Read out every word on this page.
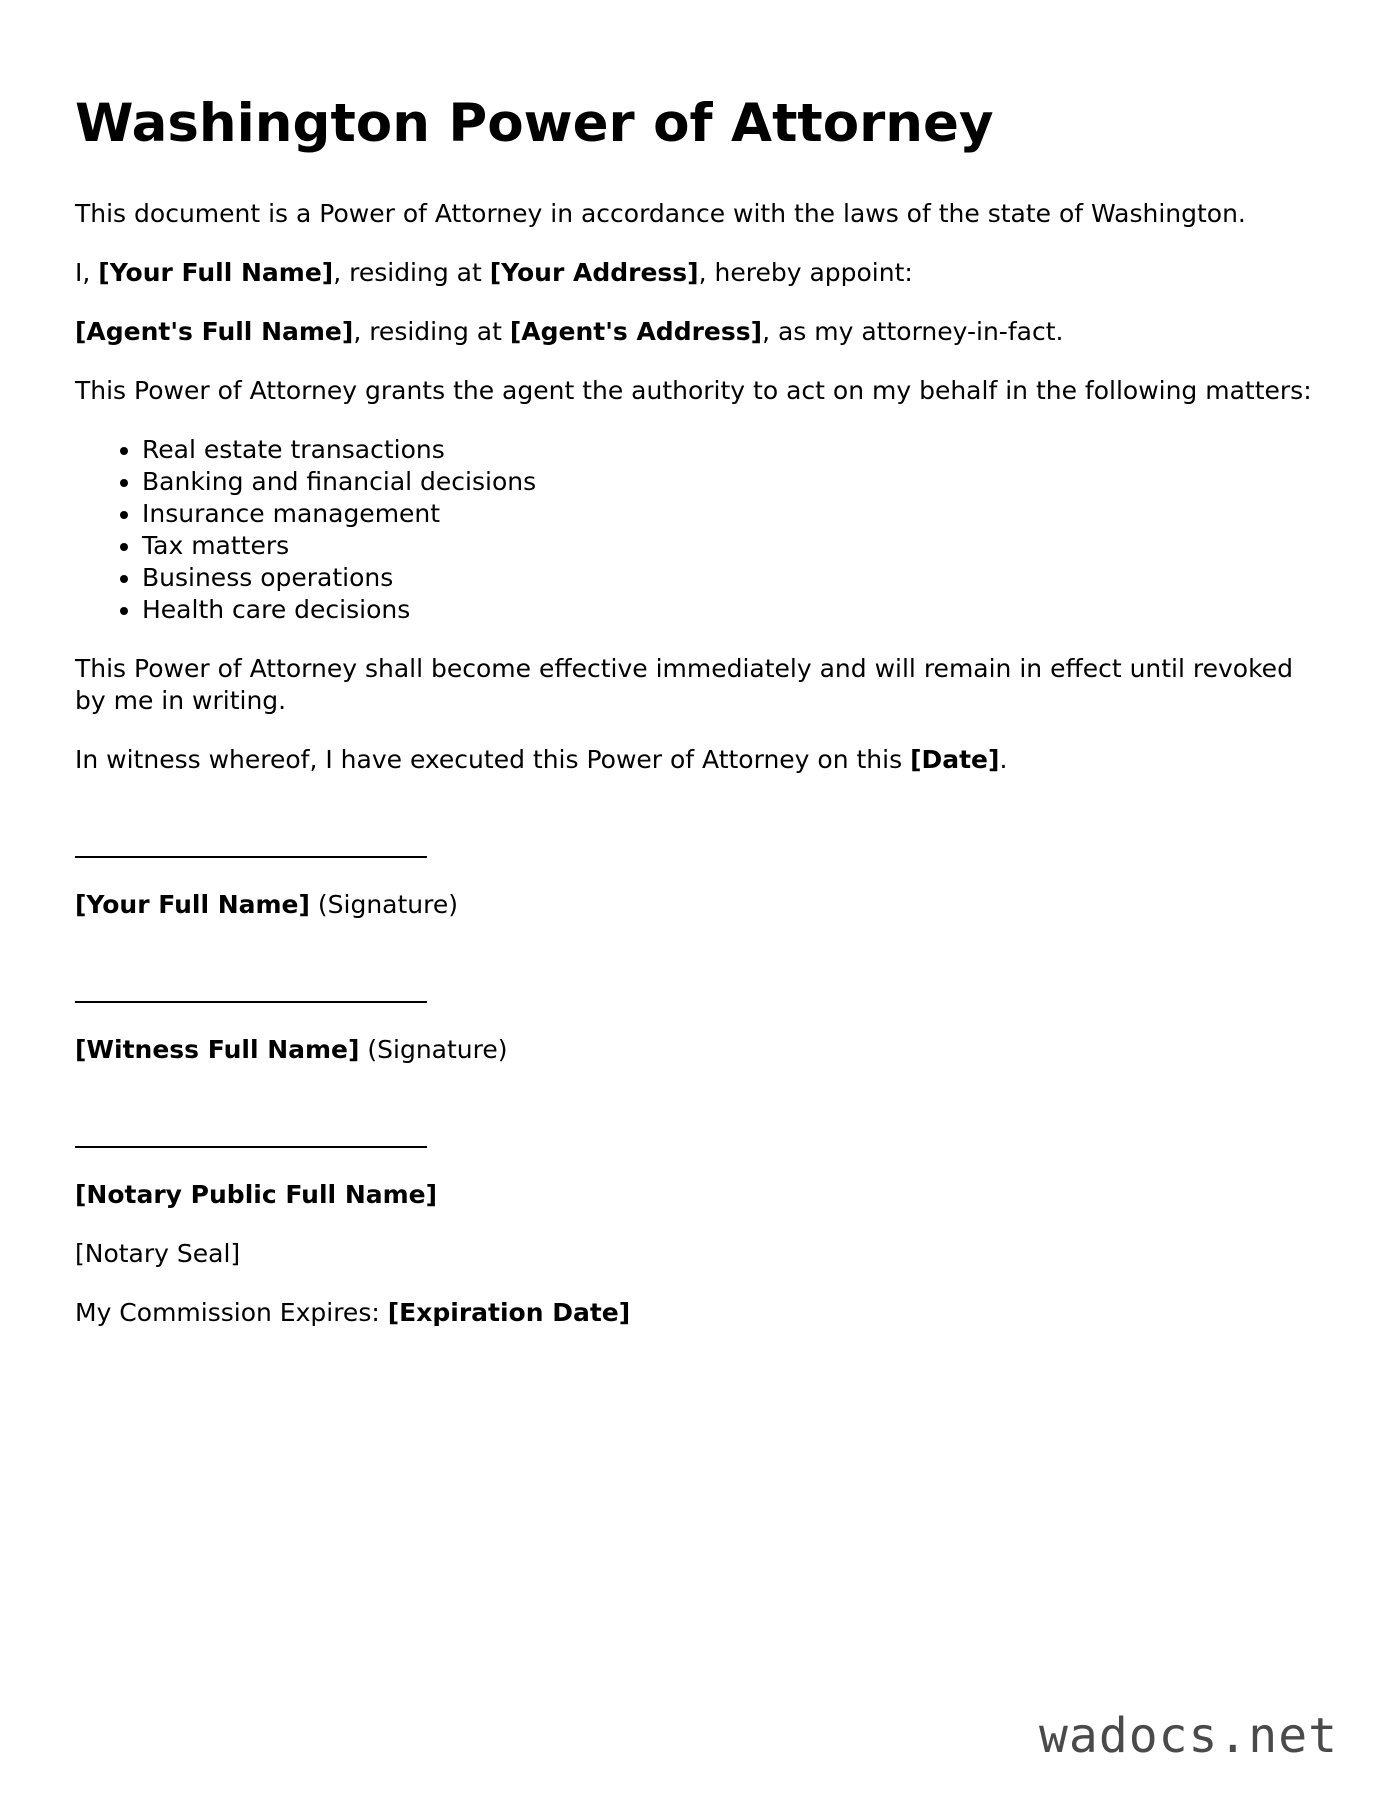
Washington Power of Attorney

This document is a Power of Attorney in accordance with the laws of the state of Washington.

I, [Your Full Name], residing at [Your Address], hereby appoint:

[Agent's Full Name], residing at [Agent's Address], as my attorney-in-fact.

This Power of Attorney grants the agent the authority to act on my behalf in the following matters:

• Real estate transactions
• Banking and financial decisions
• Insurance management
• Tax matters
• Business operations
• Health care decisions

This Power of Attorney shall become effective immediately and will remain in effect until revoked by me in writing.

In witness whereof, I have executed this Power of Attorney on this [Date].

[Your Full Name] (Signature)

[Witness Full Name] (Signature)

[Notary Public Full Name]

[Notary Seal]

My Commission Expires: [Expiration Date]

wadocs.net
